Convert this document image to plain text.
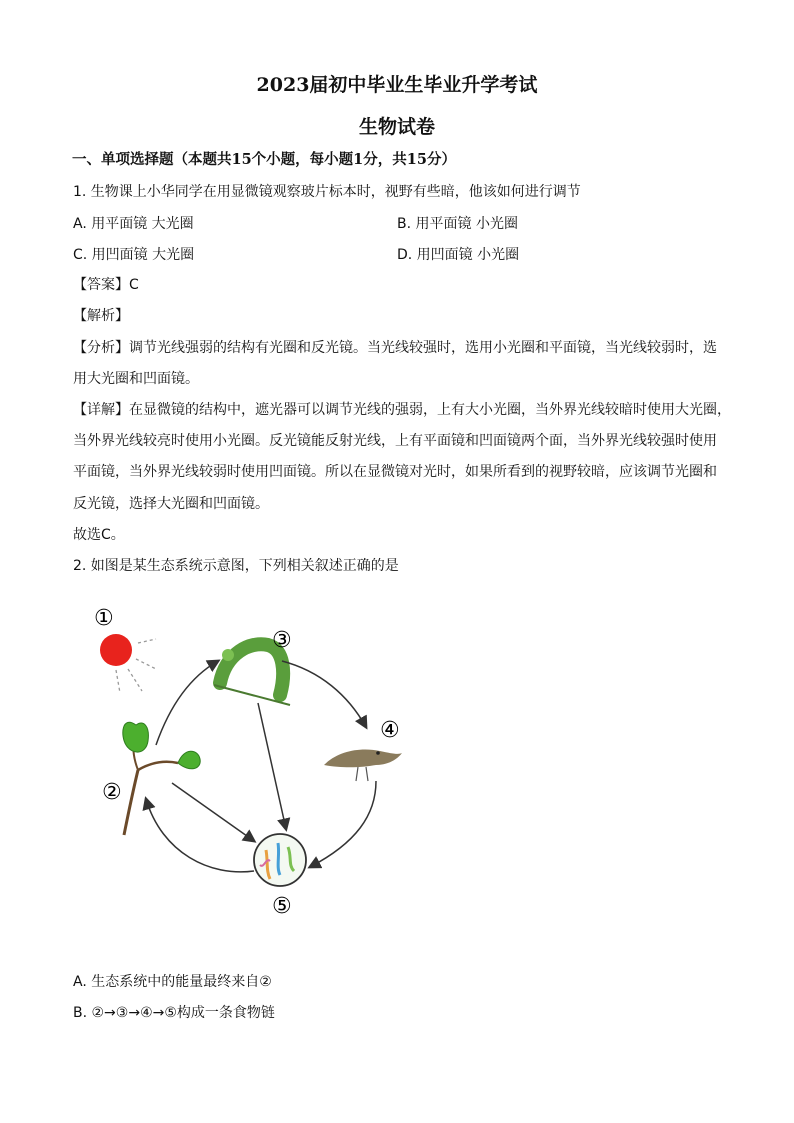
2023届初中毕业生毕业升学考试
生物试卷
一、单项选择题（本题共15个小题，每小题1分，共15分）
1. 生物课上小华同学在用显微镜观察玻片标本时，视野有些暗，他该如何进行调节
A. 用平面镜 大光圈	B. 用平面镜 小光圈
C. 用凹面镜 大光圈	D. 用凹面镜 小光圈
【答案】C
【解析】
【分析】调节光线强弱的结构有光圈和反光镜。当光线较强时，选用小光圈和平面镜，当光线较弱时，选
用大光圈和凹面镜。
【详解】在显微镜的结构中，遮光器可以调节光线的强弱，上有大小光圈，当外界光线较暗时使用大光圈，
当外界光线较亮时使用小光圈。反光镜能反射光线，上有平面镜和凹面镜两个面，当外界光线较强时使用
平面镜，当外界光线较弱时使用凹面镜。所以在显微镜对光时，如果所看到的视野较暗，应该调节光圈和
反光镜，选择大光圈和凹面镜。
故选C。
2. 如图是某生态系统示意图，下列相关叙述正确的是
①
②
③
④
⑤
A. 生态系统中的能量最终来自②
B. ②→③→④→⑤构成一条食物链
